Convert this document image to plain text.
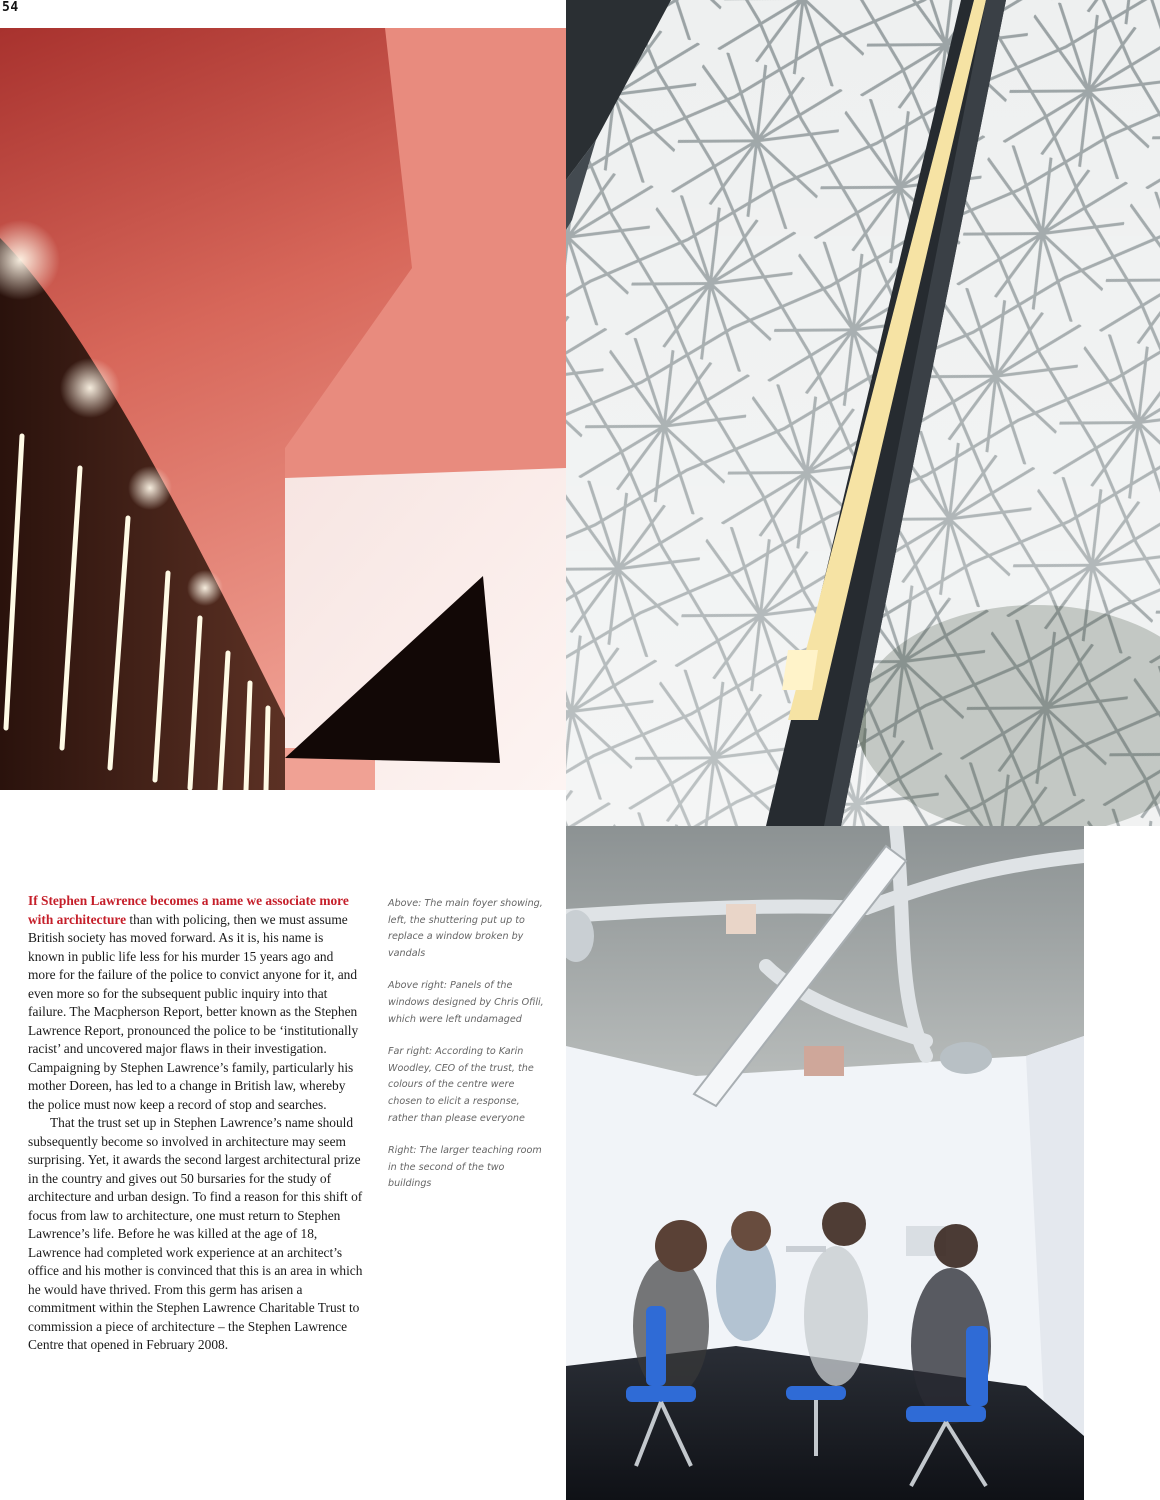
54

If Stephen Lawrence becomes a name we associate more with architecture than with policing, then we must assume British society has moved forward. As it is, his name is known in public life less for his murder 15 years ago and more for the failure of the police to convict anyone for it, and even more so for the subsequent public inquiry into that failure. The Macpherson Report, better known as the Stephen Lawrence Report, pronounced the police to be ‘institutionally racist’ and uncovered major flaws in their investigation. Campaigning by Stephen Lawrence’s family, particularly his mother Doreen, has led to a change in British law, whereby the police must now keep a record of stop and searches.

That the trust set up in Stephen Lawrence’s name should subsequently become so involved in architecture may seem surprising. Yet, it awards the second largest architectural prize in the country and gives out 50 bursaries for the study of architecture and urban design. To find a reason for this shift of focus from law to architecture, one must return to Stephen Lawrence’s life. Before he was killed at the age of 18, Lawrence had completed work experience at an architect’s office and his mother is convinced that this is an area in which he would have thrived. From this germ has arisen a commitment within the Stephen Lawrence Charitable Trust to commission a piece of architecture – the Stephen Lawrence Centre that opened in February 2008.

Above: The main foyer showing, left, the shuttering put up to replace a window broken by vandals

Above right: Panels of the windows designed by Chris Ofili, which were left undamaged

Far right: According to Karin Woodley, CEO of the trust, the colours of the centre were chosen to elicit a response, rather than please everyone

Right: The larger teaching room in the second of the two buildings
